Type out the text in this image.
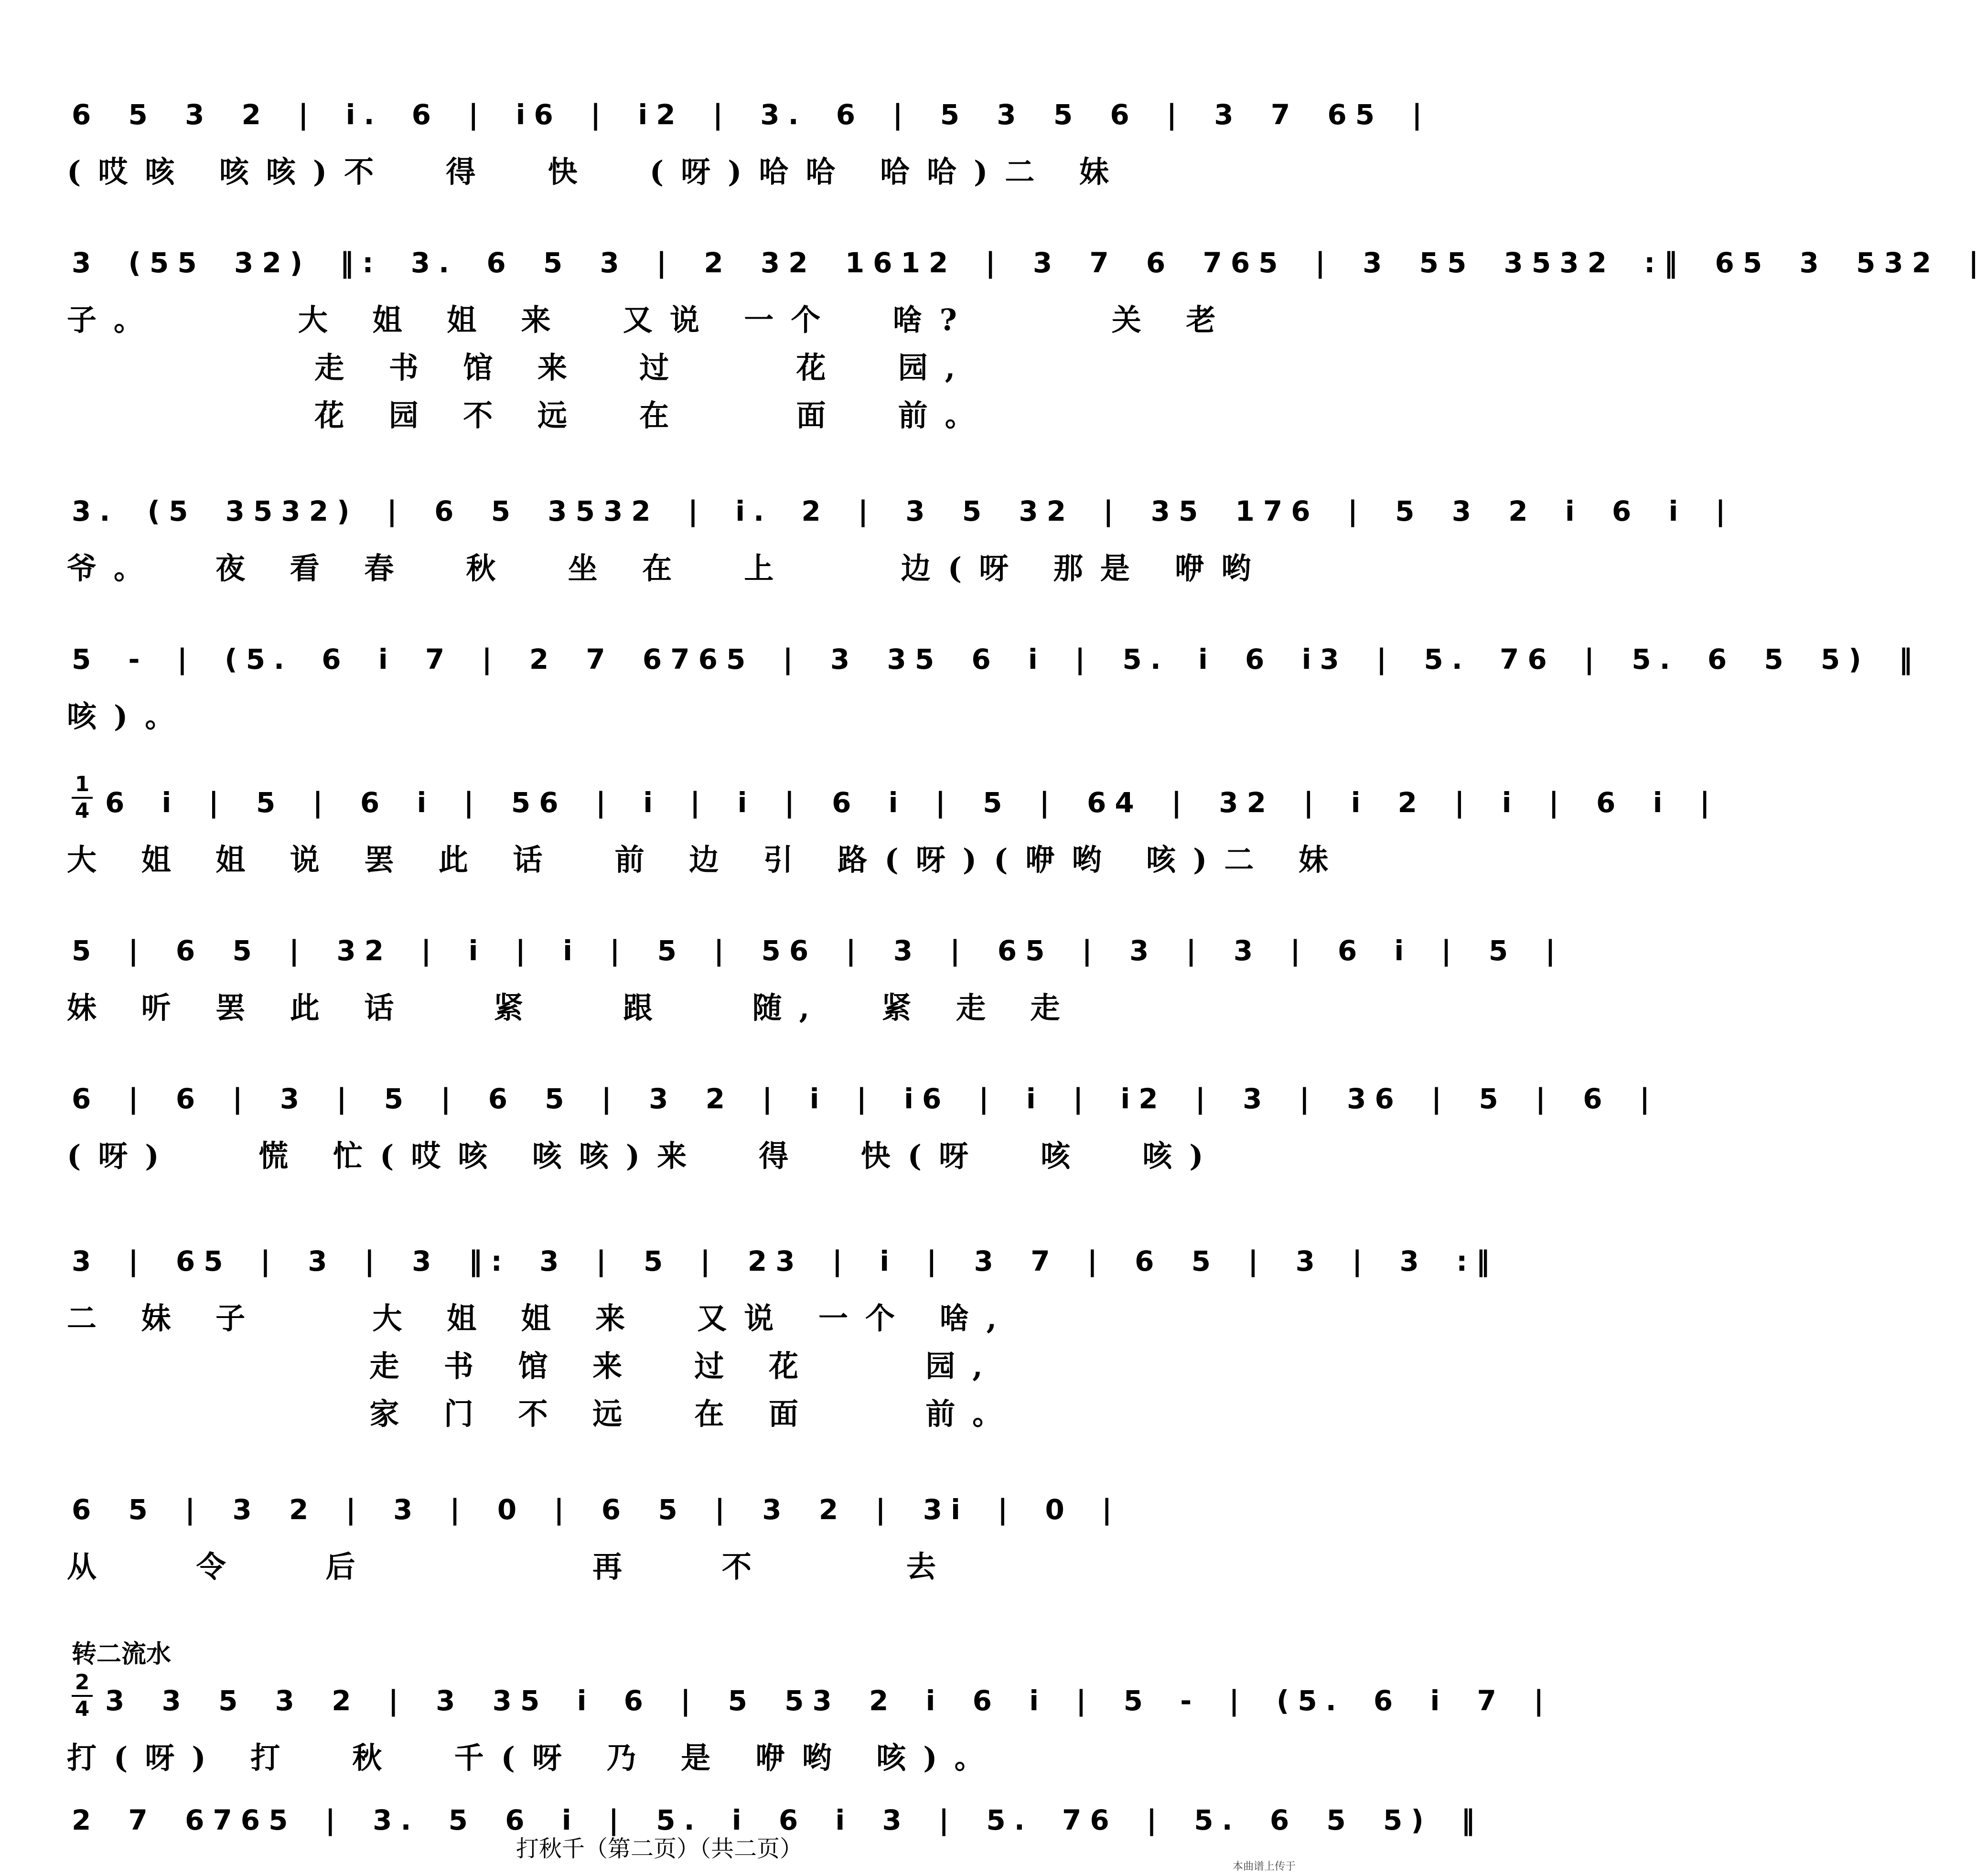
6 5 3 2 | i. 6 | i6 | i2 | 3. 6 | 5 3 5 6 | 3 7 65 |
(哎咳 咳咳)不  得  快  (呀)哈哈 哈哈)二 妹
3 (55 32) ‖: 3. 6 5 3 | 2 32 1612 | 3 7 6 765 | 3 55 3532 :‖ 65 3 532 |
子。     大 姐 姐 来  又说 一个  啥?     关 老
走 书 馆 来  过    花  园,
花 园 不 远  在    面  前。
3. (5 3532) | 6 5 3532 | i. 2 | 3 5 32 | 35 176 | 5 3 2 i 6 i |
爷。  夜 看 春  秋  坐 在  上    边(呀 那是 咿哟
5 - | (5. 6 i 7 | 2 7 6765 | 3 35 6 i | 5. i 6 i3 | 5. 76 | 5. 6 5 5) ‖
咳)。
1
4 6 i | 5 | 6 i | 56 | i | i | 6 i | 5 | 64 | 32 | i 2 | i | 6 i |
大 姐 姐 说 罢 此 话  前 边 引 路(呀)(咿哟 咳)二 妹
5 | 6 5 | 32 | i | i | 5 | 56 | 3 | 65 | 3 | 3 | 6 i | 5 |
妹 听 罢 此 话   紧   跟   随,  紧 走 走
6 | 6 | 3 | 5 | 6 5 | 3 2 | i | i6 | i | i2 | 3 | 36 | 5 | 6 |
(呀)   慌 忙(哎咳 咳咳)来  得  快(呀  咳  咳)
3 | 65 | 3 | 3 ‖: 3 | 5 | 23 | i | 3 7 | 6 5 | 3 | 3 :‖
二 妹 子    大 姐 姐 来  又说 一个 啥,
走 书 馆 来  过 花    园,
家 门 不 远  在 面    前。
6 5 | 3 2 | 3 | 0 | 6 5 | 3 2 | 3i | 0 |
从   令   后        再   不     去
转二流水
2
4 3 3 5 3 2 | 3 35 i 6 | 5 53 2 i 6 i | 5 - | (5. 6 i 7 |
打(呀) 打  秋  千(呀 乃 是 咿哟 咳)。
2 7 6765 | 3. 5 6 i | 5. i 6 i 3 | 5. 76 | 5. 6 5 5) ‖
打秋千（第二页）（共二页）
本曲谱上传于
